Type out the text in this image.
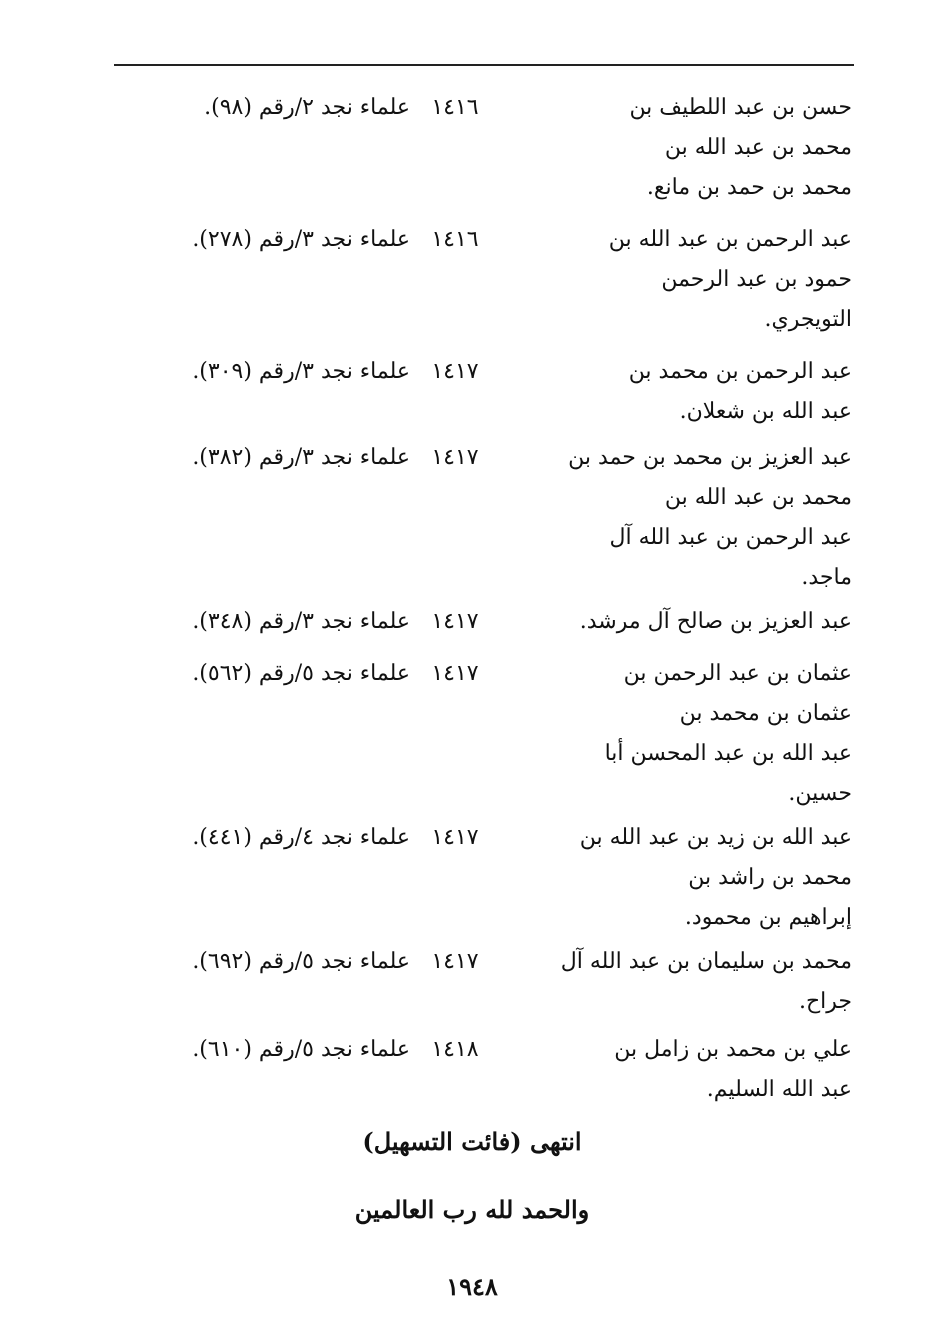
حسن بن عبد اللطيف بن
محمد بن عبد الله بن
محمد بن حمد بن مانع.
١٤١٦
علماء نجد ٢/رقم (٩٨).
عبد الرحمن بن عبد الله بن
حمود بن عبد الرحمن
التويجري.
١٤١٦
علماء نجد ٣/رقم (٢٧٨).
عبد الرحمن بن محمد بن
عبد الله بن شعلان.
١٤١٧
علماء نجد ٣/رقم (٣٠٩).
عبد العزيز بن محمد بن حمد بن
محمد بن عبد الله بن
عبد الرحمن بن عبد الله آل
ماجد.
١٤١٧
علماء نجد ٣/رقم (٣٨٢).
عبد العزيز بن صالح آل مرشد.
١٤١٧
علماء نجد ٣/رقم (٣٤٨).
عثمان بن عبد الرحمن بن
عثمان بن محمد بن
عبد الله بن عبد المحسن أبا
حسين.
١٤١٧
علماء نجد ٥/رقم (٥٦٢).
عبد الله بن زيد بن عبد الله بن
محمد بن راشد بن
إبراهيم بن محمود.
١٤١٧
علماء نجد ٤/رقم (٤٤١).
محمد بن سليمان بن عبد الله آل
جراح.
١٤١٧
علماء نجد ٥/رقم (٦٩٢).
علي بن محمد بن زامل بن
عبد الله السليم.
١٤١٨
علماء نجد ٥/رقم (٦١٠).
انتهى (فائت التسهيل)
والحمد لله رب العالمين
١٩٤٨
